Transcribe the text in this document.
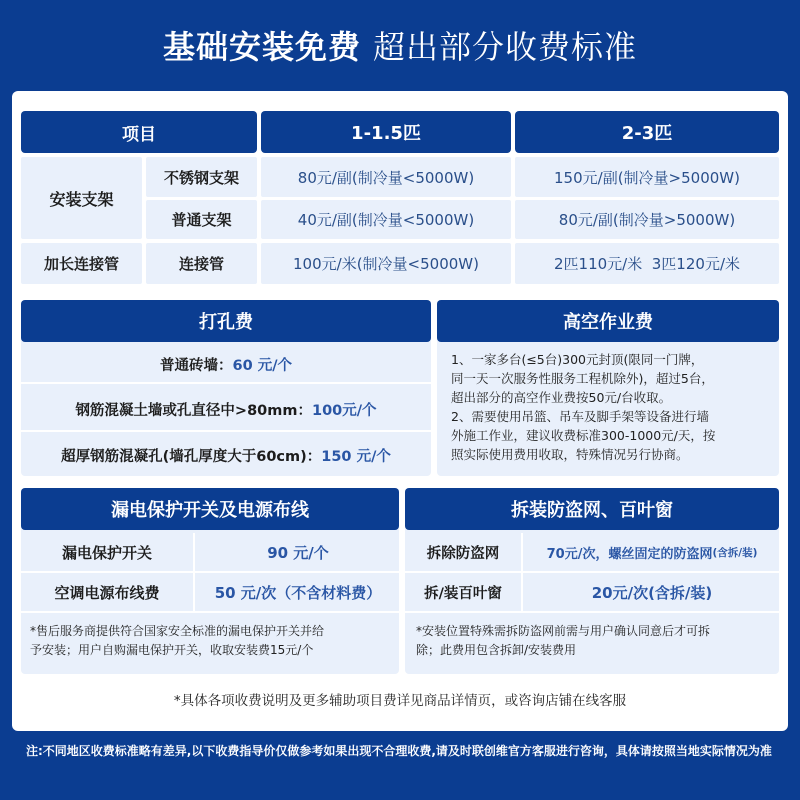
基础安装免费 超出部分收费标准
项目	1-1.5匹	2-3匹
安装支架
不锈钢支架	80元/副(制冷量<5000W)	150元/副(制冷量>5000W)
普通支架	40元/副(制冷量<5000W)	80元/副(制冷量>5000W)
加长连接管	连接管	100元/米(制冷量<5000W)	2匹110元/米  3匹120元/米
打孔费
普通砖墙： 60 元/个
钢筋混凝土墙或孔直径中>80mm： 100元/个
超厚钢筋混凝孔(墙孔厚度大于60cm)： 150 元/个
高空作业费
1、一家多台(≤5台)300元封顶(限同一门牌，
同一天一次服务性服务工程机除外)，超过5台，
超出部分的高空作业费按50元/台收取。
2、需要使用吊篮、吊车及脚手架等设备进行墙
外施工作业，建议收费标准300-1000元/天，按
照实际使用费用收取，特殊情况另行协商。
漏电保护开关及电源布线
漏电保护开关	90 元/个
空调电源布线费	50 元/次（不含材料费）
*售后服务商提供符合国家安全标准的漏电保护开关并给
予安装；用户自购漏电保护开关，收取安装费15元/个
拆装防盗网、百叶窗
拆除防盗网	70元/次，螺丝固定的防盗网 (含拆/装)
拆/装百叶窗	20元/次(含拆/装)
*安装位置特殊需拆防盗网前需与用户确认同意后才可拆
除；此费用包含拆卸/安装费用
*具体各项收费说明及更多辅助项目费详见商品详情页，或咨询店铺在线客服
注:不同地区收费标准略有差异,以下收费指导价仅做参考如果出现不合理收费,请及时联创维官方客服进行咨询，具体请按照当地实际情况为准
